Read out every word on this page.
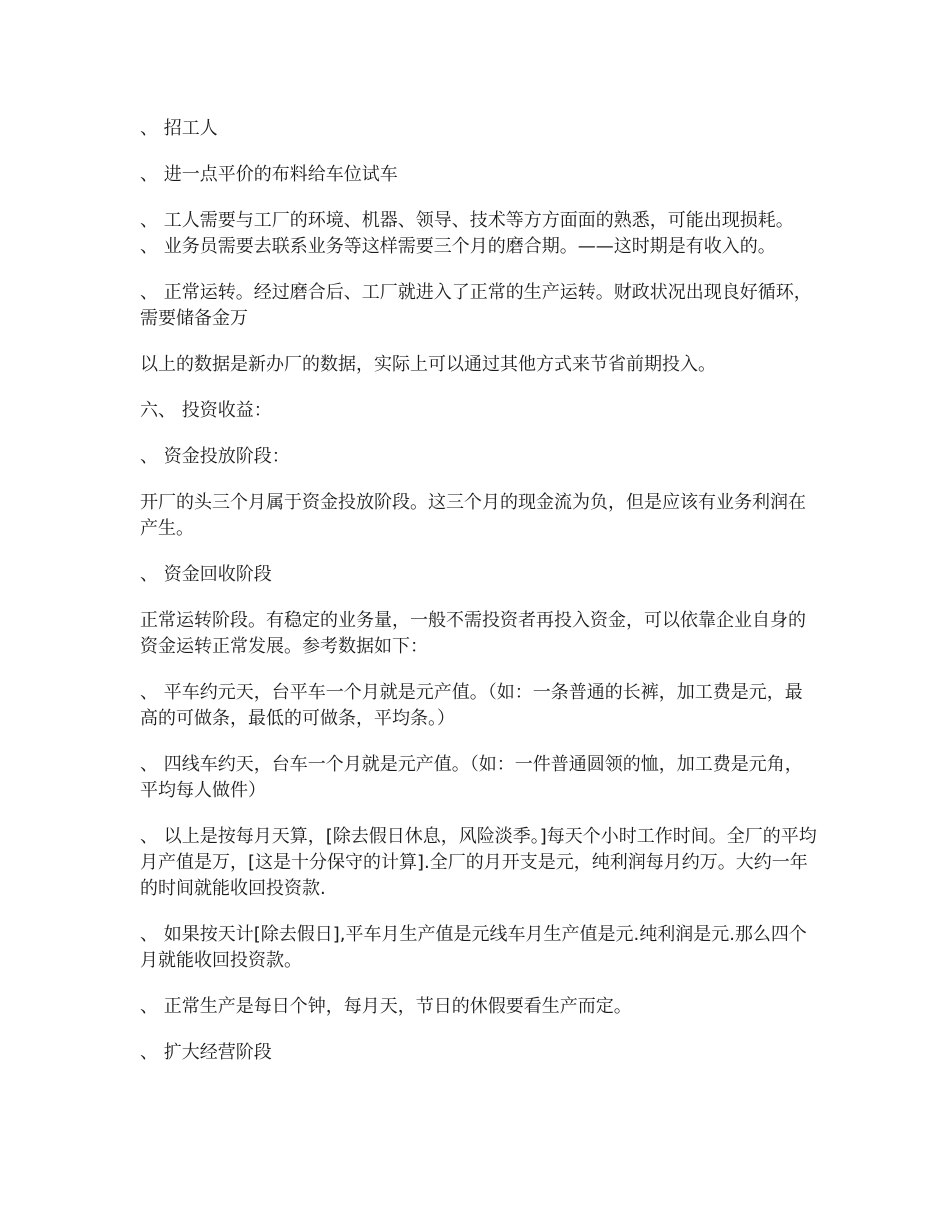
、 招工人

、 进一点平价的布料给车位试车

、 工人需要与工厂的环境、机器、领导、技术等方方面面的熟悉，可能出现损耗。

、 业务员需要去联系业务等这样需要三个月的磨合期。——这时期是有收入的。

、 正常运转。经过磨合后、工厂就进入了正常的生产运转。财政状况出现良好循环，需要储备金万

以上的数据是新办厂的数据，实际上可以通过其他方式来节省前期投入。

六、 投资收益：

、 资金投放阶段：

开厂的头三个月属于资金投放阶段。这三个月的现金流为负，但是应该有业务利润在产生。

、 资金回收阶段

正常运转阶段。有稳定的业务量，一般不需投资者再投入资金，可以依靠企业自身的资金运转正常发展。参考数据如下：

、 平车约元天，台平车一个月就是元产值。（如：一条普通的长裤，加工费是元，最高的可做条，最低的可做条，平均条。）

、 四线车约天，台车一个月就是元产值。（如：一件普通圆领的恤，加工费是元角，平均每人做件）

、 以上是按每月天算，[除去假日休息，风险淡季。]每天个小时工作时间。全厂的平均月产值是万，[这是十分保守的计算].全厂的月开支是元，纯利润每月约万。大约一年的时间就能收回投资款.

、 如果按天计[除去假日],平车月生产值是元线车月生产值是元.纯利润是元.那么四个月就能收回投资款。

、 正常生产是每日个钟，每月天，节日的休假要看生产而定。

、 扩大经营阶段
